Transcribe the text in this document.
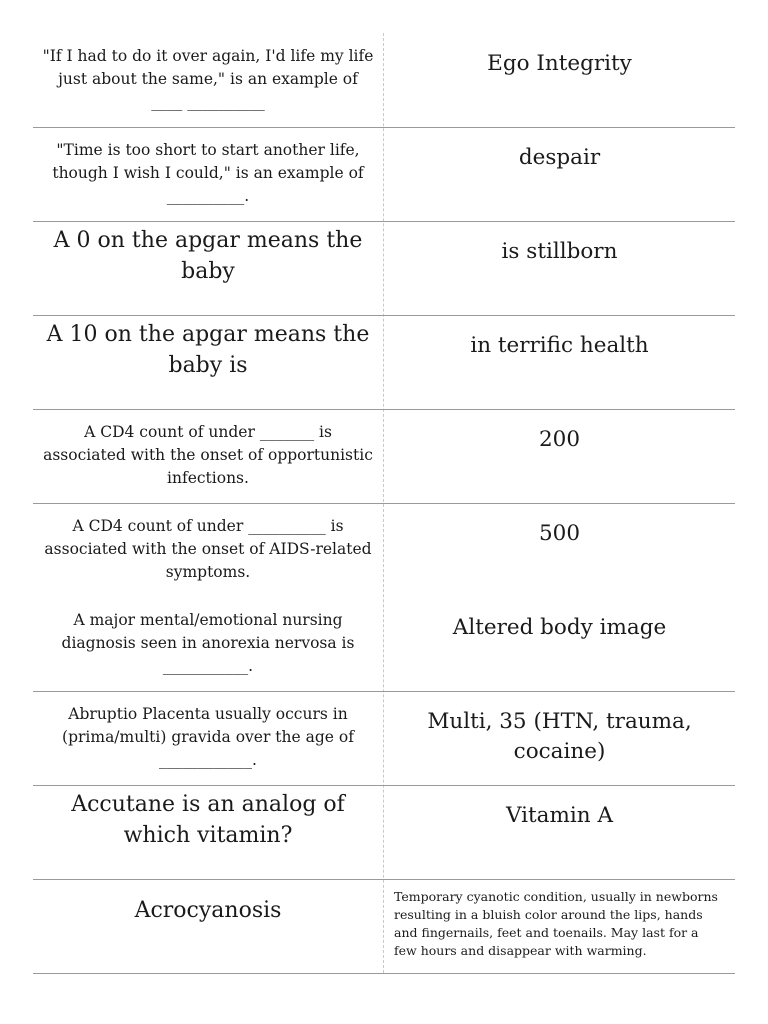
"If I had to do it over again, I'd life my life just about the same," is an example of ____ __________
Ego Integrity
"Time is too short to start another life, though I wish I could," is an example of __________.
despair
A 0 on the apgar means the baby
is stillborn
A 10 on the apgar means the baby is
in terrific health
A CD4 count of under _______ is associated with the onset of opportunistic infections.
200
A CD4 count of under __________ is associated with the onset of AIDS-related symptoms.
500
A major mental/emotional nursing diagnosis seen in anorexia nervosa is ___________.
Altered body image
Abruptio Placenta usually occurs in (prima/multi) gravida over the age of ____________.
Multi, 35 (HTN, trauma, cocaine)
Accutane is an analog of which vitamin?
Vitamin A
Acrocyanosis
Temporary cyanotic condition, usually in newborns resulting in a bluish color around the lips, hands and fingernails, feet and toenails. May last for a few hours and disappear with warming.
